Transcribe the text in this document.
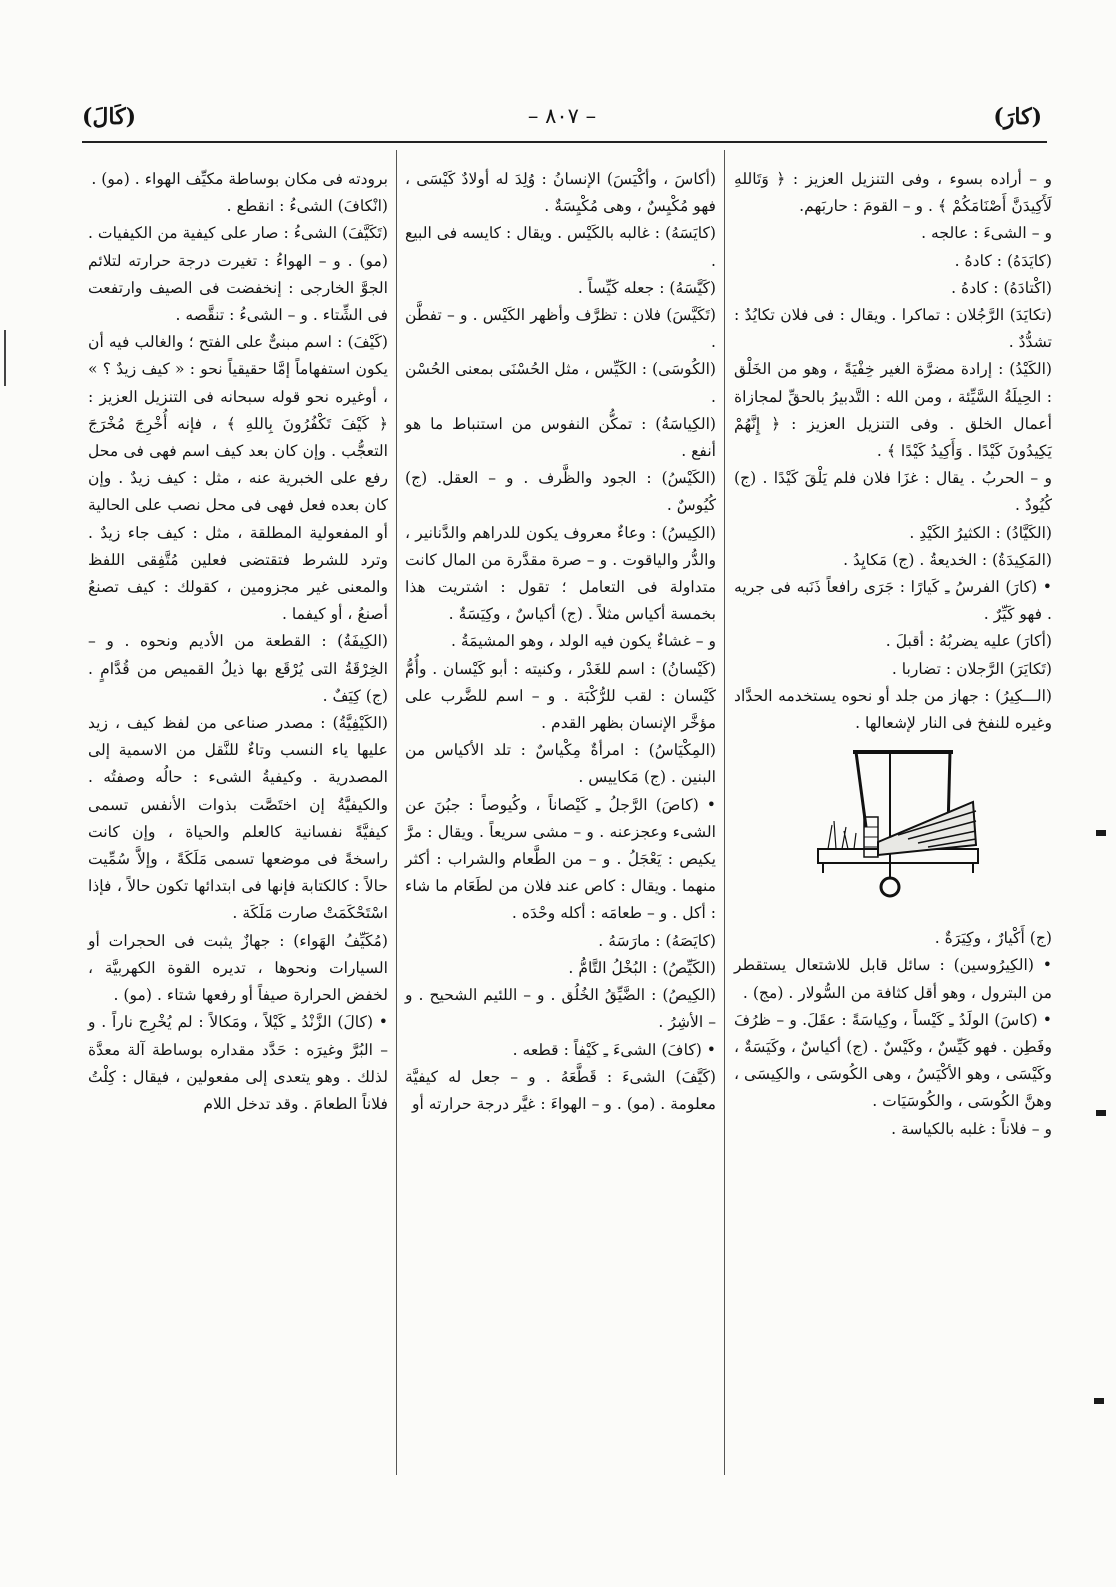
(كارَ)
– ٨٠٧ –
(كَالَ)

و – أراده بسوء ، وفى التنزيل العزيز : ﴿ وَتَاللهِ لَأَكِيدَنَّ أَصْنَامَكُمْ ﴾ . و – القومَ : حاربَهم.

و – الشىءَ : عالجه .

(كايَدَهُ) : كادهُ .

(اكْتادَهُ) : كادهُ .

(تكايَدَ) الرَّجُلان : تماكرا . ويقال : فى فلان تكايُدٌ : تشدُّدٌ .

(الكَيْدُ) : إرادة مضرَّة الغير خِفْيَةً ، وهو من الخَلْق : الحِيلَةُ السَّيِّئة ، ومن الله : التَّدبيرُ بالحقِّ لمجازاة أعمال الخلق . وفى التنزيل العزيز : ﴿ إِنَّهُمْ يَكِيدُونَ كَيْدًا . وَأَكِيدُ كَيْدًا ﴾ .

و – الحربُ . يقال : غزَا فلان فلم يَلْقَ كَيْدًا . (ج) كُيُودٌ .

(الكَيَّادُ) : الكثيرُ الكَيْدِ .

(المَكِيدَةُ) : الخديعةُ . (ج) مَكايِدُ .

• (كارَ) الفرسُ ـِ كَيارًا : جَرَى رافعاً ذَنَبه فى جريه . فهو كَيِّرٌ .

(أكارَ) عليه يضربُهُ : أقبلَ .

(تَكايَرَ) الرَّجلان : تضاربا .

(الـــكِيرُ) : جهاز من جلد أو نحوه يستخدمه الحدَّاد وغيره للنفخ فى النار لإشعالها .

(ج) أَكْيارٌ ، وكِيَرَةٌ .

• (الكِيرُوسين) : سائل قابل للاشتعال يستقطر من البترول ، وهو أقل كثافة من السُّولار . (مج) .

• (كاسَ) الولَدُ ـِ كَيْساً ، وكِياسَةً : عقَلَ. و – ظرُفَ وفَطِن . فهو كَيِّسٌ ، وكَيْسٌ . (ج) أكياسٌ ، وكَيَسَةٌ ، وكَيْسَى ، وهو الأكْيَسُ ، وهى الكُوسَى ، والكِيسَى ، وهنَّ الكُوسَى ، والكُوسَيَات .

و – فلاناً : غلبه بالكياسة .

(أكاسَ ، وأكْيَسَ) الإنسانُ : وُلِدَ له أولادٌ كَيْسَى ، فهو مُكْيِسٌ ، وهى مُكْيِسَةٌ .

(كايَسَهُ) : غالبه بالكَيْس . ويقال : كايسه فى البيع .

(كَيَّسَهُ) : جعله كَيِّساً .

(تَكَيَّسَ) فلان : تظرَّف وأظهر الكَيْس . و – تفطَّن .

(الكُوسَى) : الكَيِّس ، مثل الحُسْنَى بمعنى الحُسْن .

(الكِياسَةُ) : تمكُّن النفوس من استنباط ما هو أنفع .

(الكَيْسُ) : الجود والظَّرف . و – العقل. (ج) كُيُوسٌ .

(الكِيسُ) : وعاءٌ معروف يكون للدراهم والدَّنانير ، والدُّر والياقوت . و – صرة مقدَّرة من المال كانت متداولة فى التعامل ؛ تقول : اشتريت هذا بخمسة أكياس مثلاً . (ج) أكياسٌ ، وكِيَسَةٌ .

و – غشاءٌ يكون فيه الولد ، وهو المشيمَةُ .

(كَيْسانُ) : اسم للغَدْر ، وكنيته : أبو كَيْسان . وأُمُّ كَيْسان : لقب للرُّكْبَة . و – اسم للضَّرب على مؤخَّر الإنسان بظهر القدم .

(المِكْيَاسُ) : امرأةٌ مِكْياسٌ : تلد الأكياس من البنين . (ج) مَكاييس .

• (كاصَ) الرَّجلُ ـِ كَيْصاناً ، وكُيوصاً : جبُنَ عن الشىء وعجزعنه . و – مشى سريعاً . ويقال : مرَّ يكيص : يَعْجَلُ . و – من الطَّعام والشراب : أكثر منهما . ويقال : كاص عند فلان من لطَعَام ما شاء : أكل . و – طعامَه : أكله وحْدَه .

(كايَصَهُ) : مارَسَهُ .

(الكَيِّصُ) : البُخْلُ التَّامُّ .

(الكِيصُ) : الضَّيِّقُ الخُلُق . و – اللئيم الشحيح . و – الأشِرُ .

• (كافَ) الشىءَ ـِ كَيْفاً : قطعه .

(كَيَّفَ) الشىءَ : قَطَّعَهُ . و – جعل له كيفيَّة معلومة . (مو) . و – الهواءَ : غيَّر درجة حرارته أو

برودته فى مكان بوساطة مكيِّف الهواء . (مو) .

(انْكافَ) الشىءُ : انقطع .

(تَكَيَّفَ) الشىءُ : صار على كيفية من الكيفيات . (مو) . و – الهواءُ : تغيرت درجة حرارته لتلائم الجوَّ الخارجى : إنخفضت فى الصيف وارتفعت فى الشِّتاء . و – الشىءُ : تنقَّصه .

(كَيْفَ) : اسم مبنىٌّ على الفتح ؛ والغالب فيه أن يكون استفهاماً إمَّا حقيقياً نحو : « كيف زيدٌ ؟ » ، أوغيره نحو قوله سبحانه فى التنزيل العزيز : ﴿ كَيْفَ تَكْفُرُونَ بِاللهِ ﴾ ، فإنه أُخْرِجَ مُخْرَجَ التعجُّب . وإن كان بعد كيف اسم فهى فى محل رفع على الخبرية عنه ، مثل : كيف زيدٌ . وإن كان بعده فعل فهى فى محل نصب على الحالية أو المفعولية المطلقة ، مثل : كيف جاء زيدٌ . وترد للشرط فتقتضى فعلين مُتَّفِقى اللفظ والمعنى غير مجزومين ، كقولك : كيف تصنعُ أصنعُ ، أو كيفما .

(الكِيفَةُ) : القطعة من الأديم ونحوه . و – الخِرْقَةُ التى يُرْقَع بها ذيلُ القميص من قُدَّامٍ . (ج) كِيَفٌ .

(الكَيْفِيَّةُ) : مصدر صناعى من لفظ كيف ، زيد عليها ياء النسب وتاءٌ للنَّقل من الاسمية إلى المصدرية . وكيفيةُ الشىء : حالُه وصفتُه . والكيفيَّةُ إن اختَصَّت بذوات الأنفس تسمى كيفيَّةً نفسانية كالعلم والحياة ، وإن كانت راسخةً فى موضعها تسمى مَلَكَةً ، وإلاَّ سُمِّيت حالاً : كالكتابة فإنها فى ابتدائها تكون حالاً ، فإذا اسْتَحْكَمَتْ صارت مَلَكَة .

(مُكَيِّفُ الهَواء) : جهازٌ يثبت فى الحجرات أو السيارات ونحوها ، تديره القوة الكهربيَّة ، لخفض الحرارة صيفاً أو رفعها شتاء . (مو) .

• (كالَ) الزَّنْدُ ـِ كَيْلاً ، ومَكالاً : لم يُخْرِج ناراً . و – البُرَّ وغيرَه : حَدَّد مقداره بوساطة آلة معدَّة لذلك . وهو يتعدى إلى مفعولين ، فيقال : كِلْتُ فلاناً الطعامَ . وقد تدخل اللام
